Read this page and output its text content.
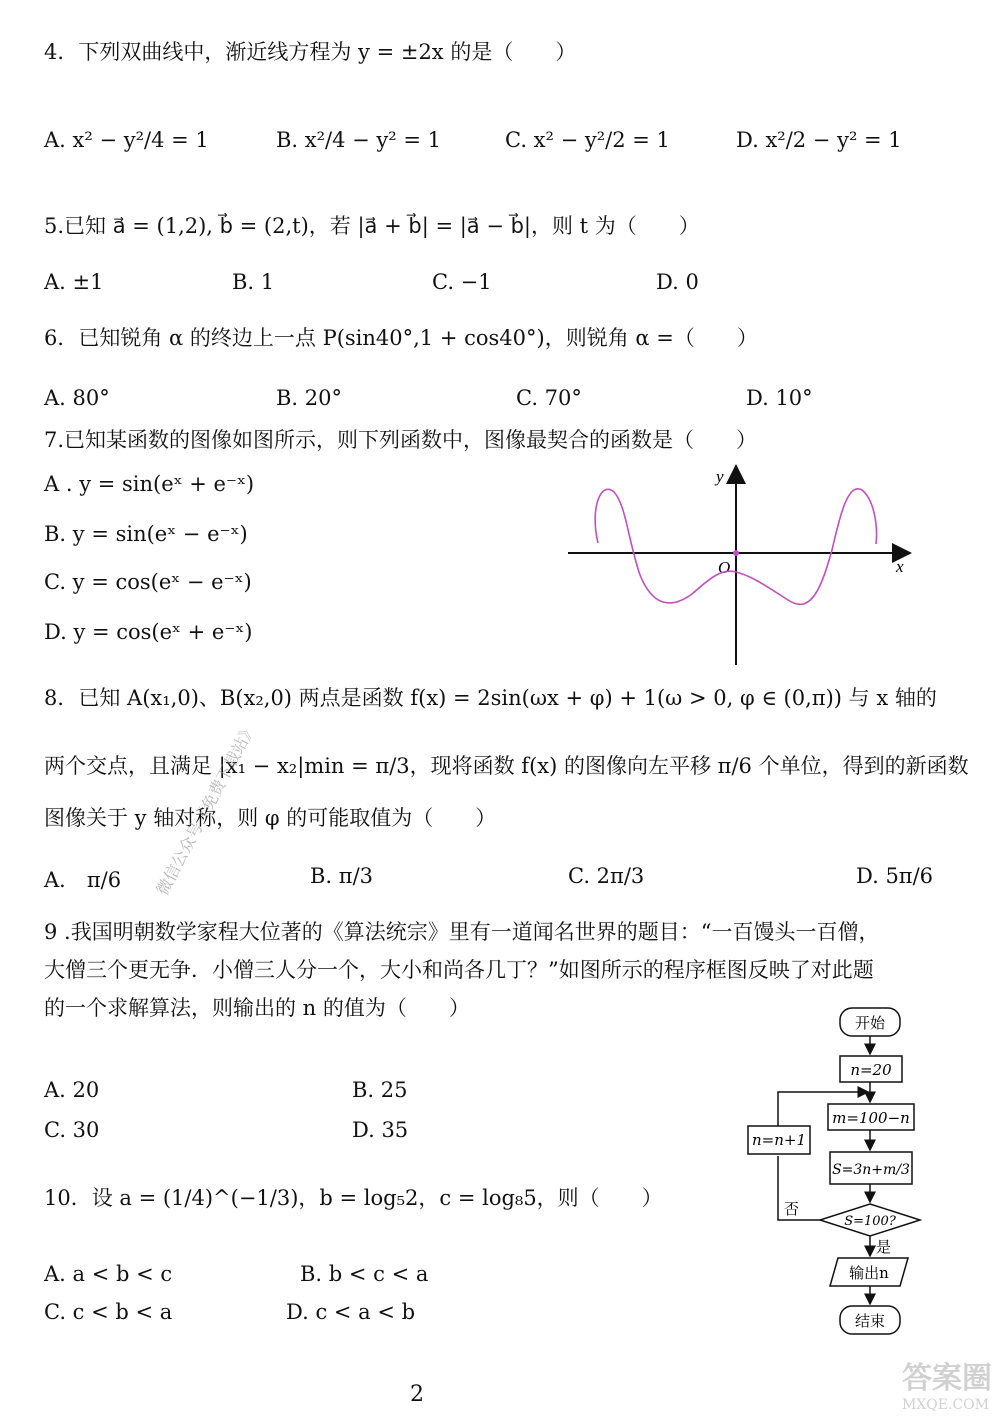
4．下列双曲线中，渐近线方程为 y = ±2x 的是（　　）
A. x² − y²/4 = 1	B. x²/4 − y² = 1	C. x² − y²/2 = 1	D. x²/2 − y² = 1
5.已知 a⃗ = (1,2), b⃗ = (2,t)，若 |a⃗ + b⃗| = |a⃗ − b⃗|，则 t 为（　　）
A. ±1	B. 1	C. −1	D. 0
6．已知锐角 α 的终边上一点 P(sin40°,1 + cos40°)，则锐角 α =（　　）
A. 80°	B. 20°	C. 70°	D. 10°
7.已知某函数的图像如图所示，则下列函数中，图像最契合的函数是（　　）
A . y = sin(eˣ + e⁻ˣ)
B. y = sin(eˣ − e⁻ˣ)
C. y = cos(eˣ − e⁻ˣ)
D. y = cos(eˣ + e⁻ˣ)
x
y
O
8．已知 A(x₁,0)、B(x₂,0) 两点是函数 f(x) = 2sin(ωx + φ) + 1(ω > 0, φ ∈ (0,π)) 与 x 轴的
两个交点，且满足 |x₁ − x₂|min = π/3，现将函数 f(x) 的图像向左平移 π/6 个单位，得到的新函数
图像关于 y 轴对称，则 φ 的可能取值为（　　）
A． π/6	B. π/3	C. 2π/3	D. 5π/6
9 .我国明朝数学家程大位著的《算法统宗》里有一道闻名世界的题目：“一百馒头一百僧，
大僧三个更无争．小僧三人分一个，大小和尚各几丁？”如图所示的程序框图反映了对此题
的一个求解算法，则输出的 n 的值为（　　）
A. 20	B. 25
C. 30	D. 35
开始
n=20
m=100−n
S=3n+m/3
S=100?
n=n+1
否
是
输出n
结束
10．设 a = (1/4)^(−1/3)，b = log₅2，c = log₈5，则（　　）
A. a < b < c	B. b < c < a
C. c < b < a	D. c < a < b
微信公众号《免费下载站》
2	答案圈
MXQE.COM
